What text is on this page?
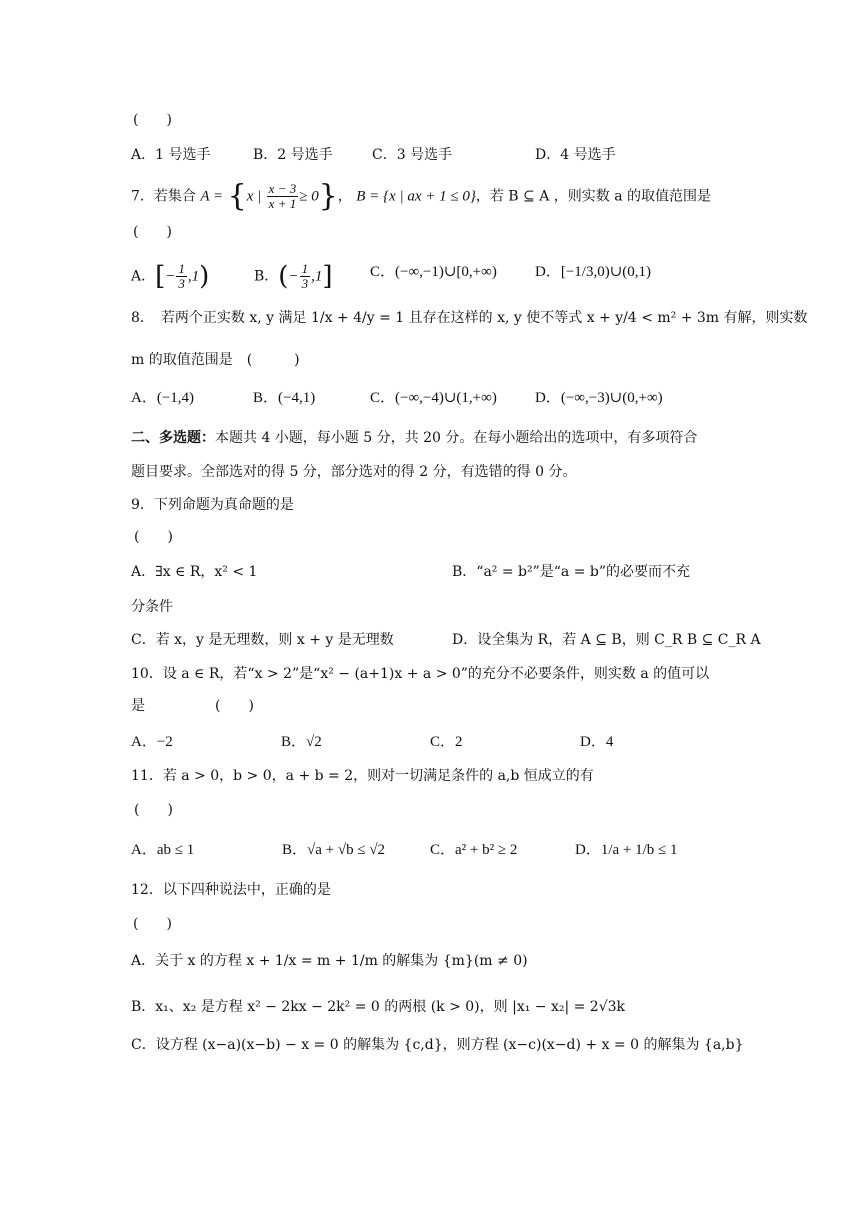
(　　)
A．1 号选手	B．2 号选手	C．3 号选手	D．4 号选手
7．若集合 A = {x | $\frac{x - 3}{x + 1} \ge 0$}， B = {x | ax + 1 ≤ 0}，若 B ⊆ A ，则实数 a 的取值范围是
(　　)
A．[− $\frac{1}{3} ,1$)	B．(− $\frac{1}{3} ,1$]	C．(−∞,−1)∪[0,+∞)	D．[−1/3,0)∪(0,1)
8．　若两个正实数 x, y 满足 1/x + 4/y = 1 且存在这样的 x, y 使不等式 x + y/4 < m² + 3m 有解，则实数
m 的取值范围是　(　　　)
A．(−1,4)	B．(−4,1)	C．(−∞,−4)∪(1,+∞)	D．(−∞,−3)∪(0,+∞)
二、多选题：本题共 4 小题，每小题 5 分，共 20 分。在每小题给出的选项中，有多项符合
题目要求。全部选对的得 5 分，部分选对的得 2 分，有选错的得 0 分。
9．下列命题为真命题的是
(　　)
A．∃x ∈ R，x² < 1	B．“a² = b²”是“a = b”的必要而不充
分条件
C．若 x，y 是无理数，则 x + y 是无理数	D．设全集为 R，若 A ⊆ B，则 C_R B ⊆ C_R A
10．设 a ∈ R，若“x > 2”是“x² − (a+1)x + a > 0”的充分不必要条件，则实数 a 的值可以
是　　　　　(　　)
A．−2	B．√2	C．2	D．4
11．若 a > 0，b > 0，a + b = 2，则对一切满足条件的 a,b 恒成立的有
(　　)
A．ab ≤ 1	B．√a + √b ≤ √2	C．a² + b² ≥ 2	D．1/a + 1/b ≤ 1
12．以下四种说法中，正确的是
(　　)
A．关于 x 的方程 x + 1/x = m + 1/m 的解集为 {m}(m ≠ 0)
B．x₁、x₂ 是方程 x² − 2kx − 2k² = 0 的两根 (k > 0)，则 |x₁ − x₂| = 2√3k
C．设方程 (x−a)(x−b) − x = 0 的解集为 {c,d}，则方程 (x−c)(x−d) + x = 0 的解集为 {a,b}
